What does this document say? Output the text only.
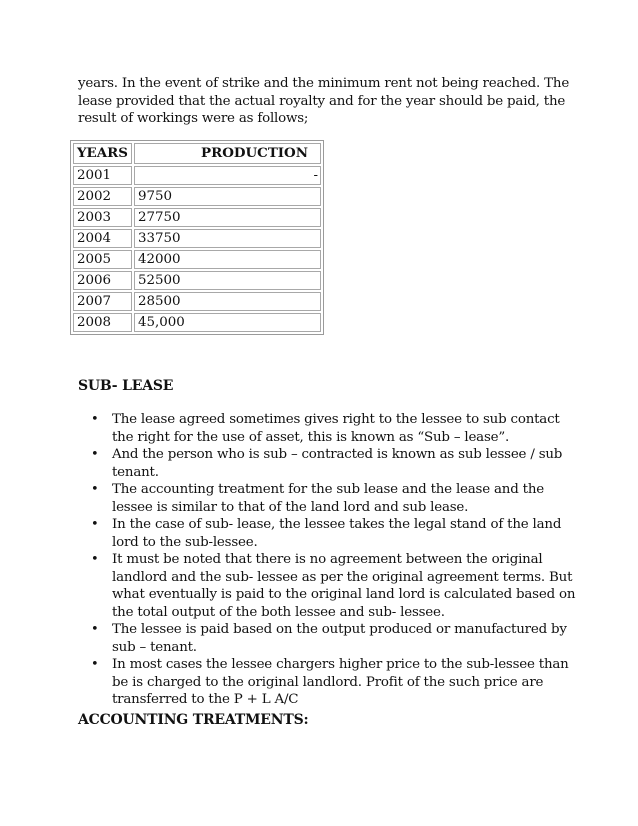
years. In the event of strike and the minimum rent not being reached. The lease provided that the actual royalty and for the year should be paid, the result of workings were as follows;

YEARS	PRODUCTION
2001	-
2002	9750
2003	27750
2004	33750
2005	42000
2006	52500
2007	28500
2008	45,000
SUB- LEASE
• The lease agreed sometimes gives right to the lessee to sub contact the right for the use of asset, this is known as “Sub – lease”.
• And the person who is sub – contracted is known as sub lessee / sub tenant.
• The accounting treatment for the sub lease and the lease and the lessee is similar to that of the land lord and sub lease.
• In the case of sub- lease, the lessee takes the legal stand of the land lord to the sub-lessee.
• It must be noted that there is no agreement between the original landlord and the sub- lessee as per the original agreement terms. But what eventually is paid to the original land lord is calculated based on the total output of the both lessee and sub- lessee.
• The lessee is paid based on the output produced or manufactured by sub – tenant.
• In most cases the lessee chargers higher price to the sub-lessee than be is charged to the original landlord. Profit of the such price are transferred to the P + L A/C
ACCOUNTING TREATMENTS:
